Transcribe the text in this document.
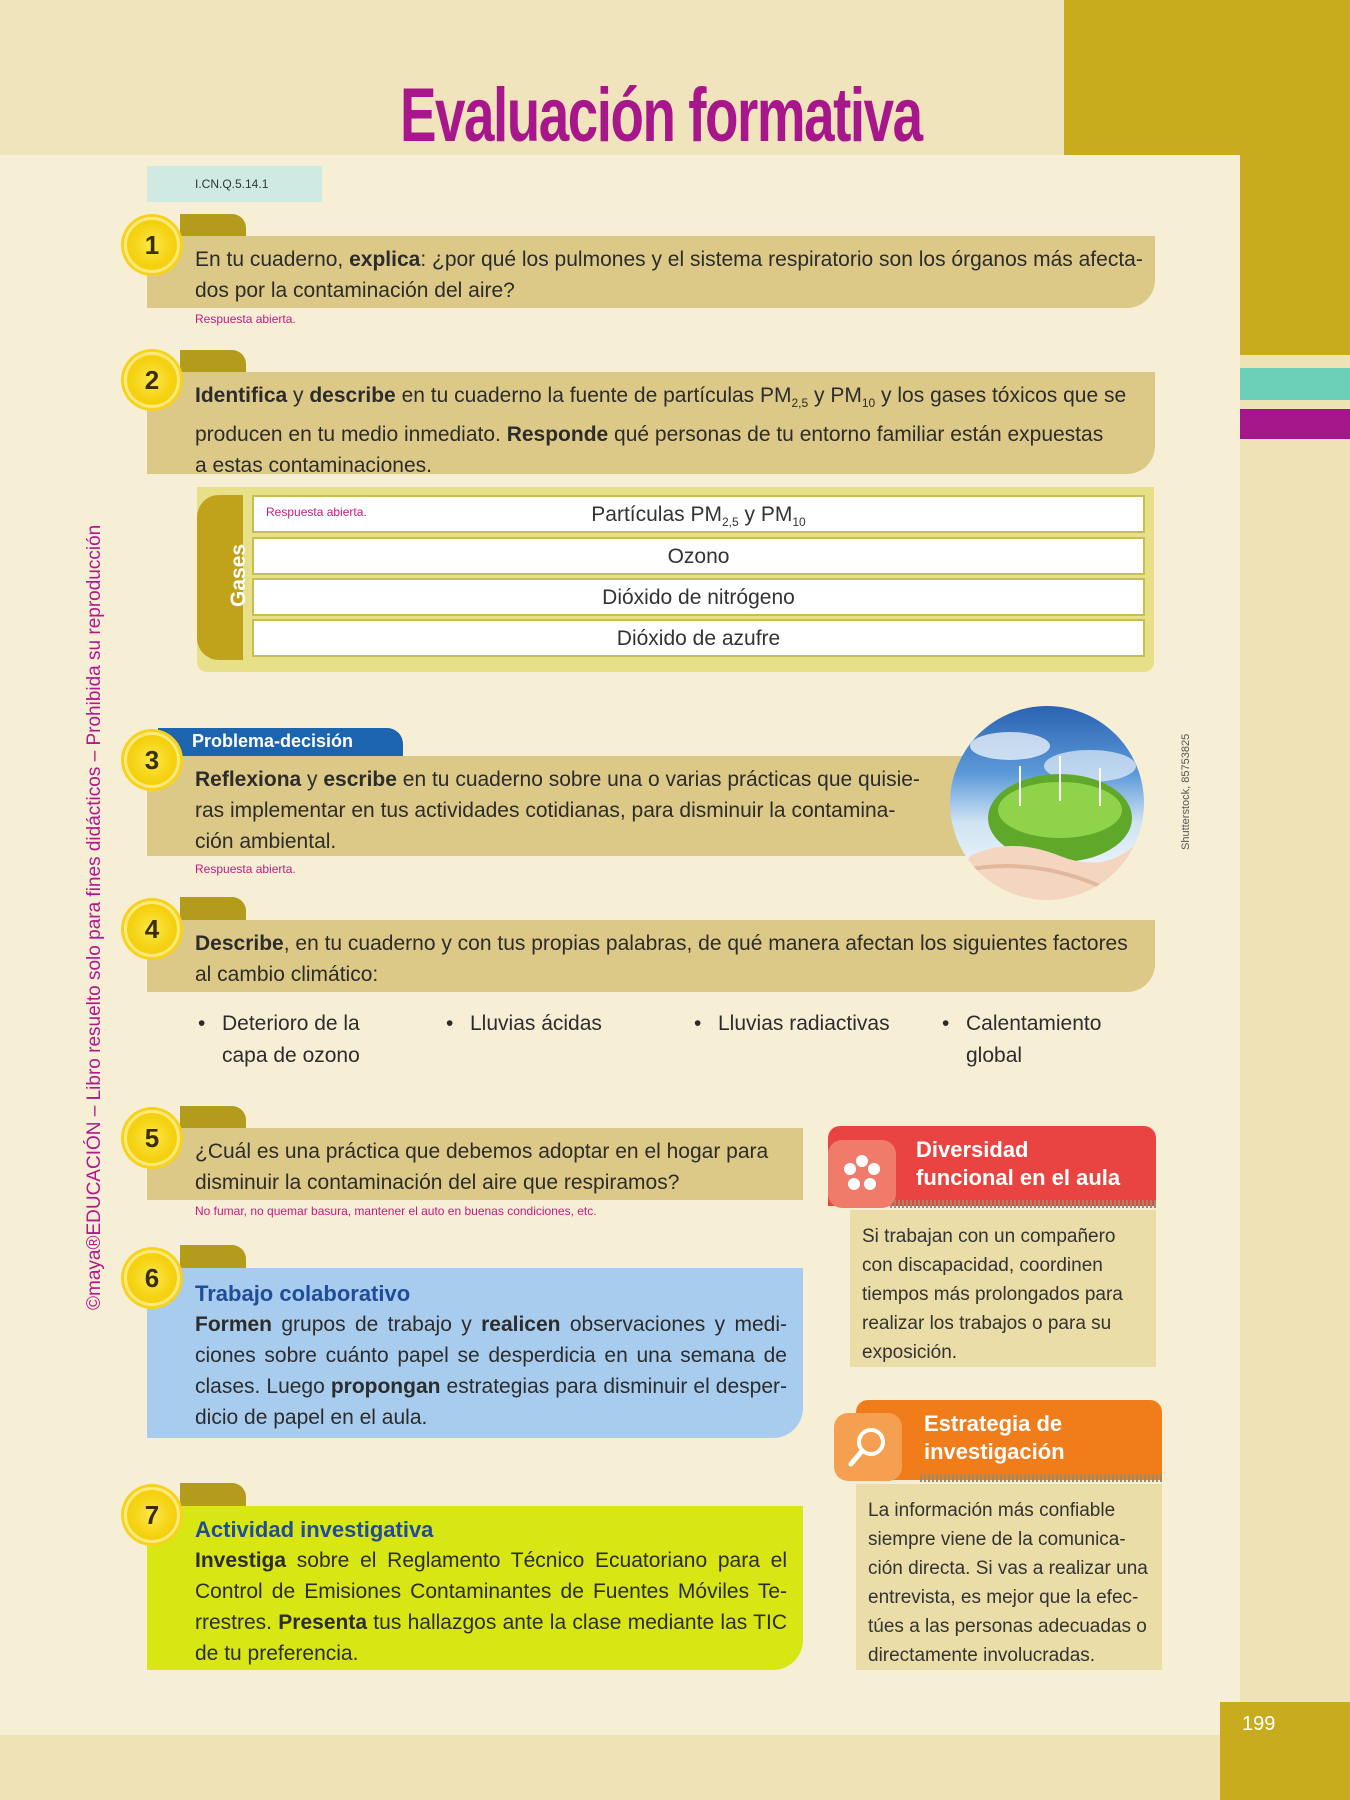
199
Evaluación formativa
I.CN.Q.5.14.1
©maya®EDUCACIÓN – Libro resuelto solo para fines didácticos – Prohibida su reproducción	Shutterstock, 85753825
En tu cuaderno, explica: ¿por qué los pulmones y el sistema respiratorio son los órganos más afecta-
dos por la contaminación del aire?
1
Respuesta abierta.
Identifica y describe en tu cuaderno la fuente de partículas $PM_{2,5}$ y $PM_{10}$ y los gases tóxicos que se
producen en tu medio inmediato. Responde qué personas de tu entorno familiar están expuestas
a estas contaminaciones.
2
Gases
Respuesta abierta.	Partículas $PM_{2,5}$ y $PM_{10}$
Ozono
Dióxido de nitrógeno
Dióxido de azufre
Problema-decisión
Reflexiona y escribe en tu cuaderno sobre una o varias prácticas que quisie-
ras implementar en tus actividades cotidianas, para disminuir la contamina-
ción ambiental.
3
Respuesta abierta.
Describe, en tu cuaderno y con tus propias palabras, de qué manera afectan los siguientes factores
al cambio climático:
4
• Deterioro de la
capa de ozono
• Lluvias ácidas	• Lluvias radiactivas • Calentamiento
global
¿Cuál es una práctica que debemos adoptar en el hogar para
disminuir la contaminación del aire que respiramos?
5
No fumar, no quemar basura, mantener el auto en buenas condiciones, etc.
Trabajo colaborativo
Formen grupos de trabajo y realicen observaciones y medi-ciones sobre cuánto papel se desperdicia en una semana de clases. Luego propongan estrategias para disminuir el desper-dicio de papel en el aula.
6
Actividad investigativa
Investiga sobre el Reglamento Técnico Ecuatoriano para el Control de Emisiones Contaminantes de Fuentes Móviles Te-rrestres. Presenta tus hallazgos ante la clase mediante las TIC de tu preferencia.
7
Diversidad
funcional en el aula
Si trabajan con un compañero con discapacidad, coordinen tiempos más prolongados para realizar los trabajos o para su exposición.
Estrategia de
investigación
La información más confiable siempre viene de la comunica-ción directa. Si vas a realizar una entrevista, es mejor que la efec-túes a las personas adecuadas o directamente involucradas.
